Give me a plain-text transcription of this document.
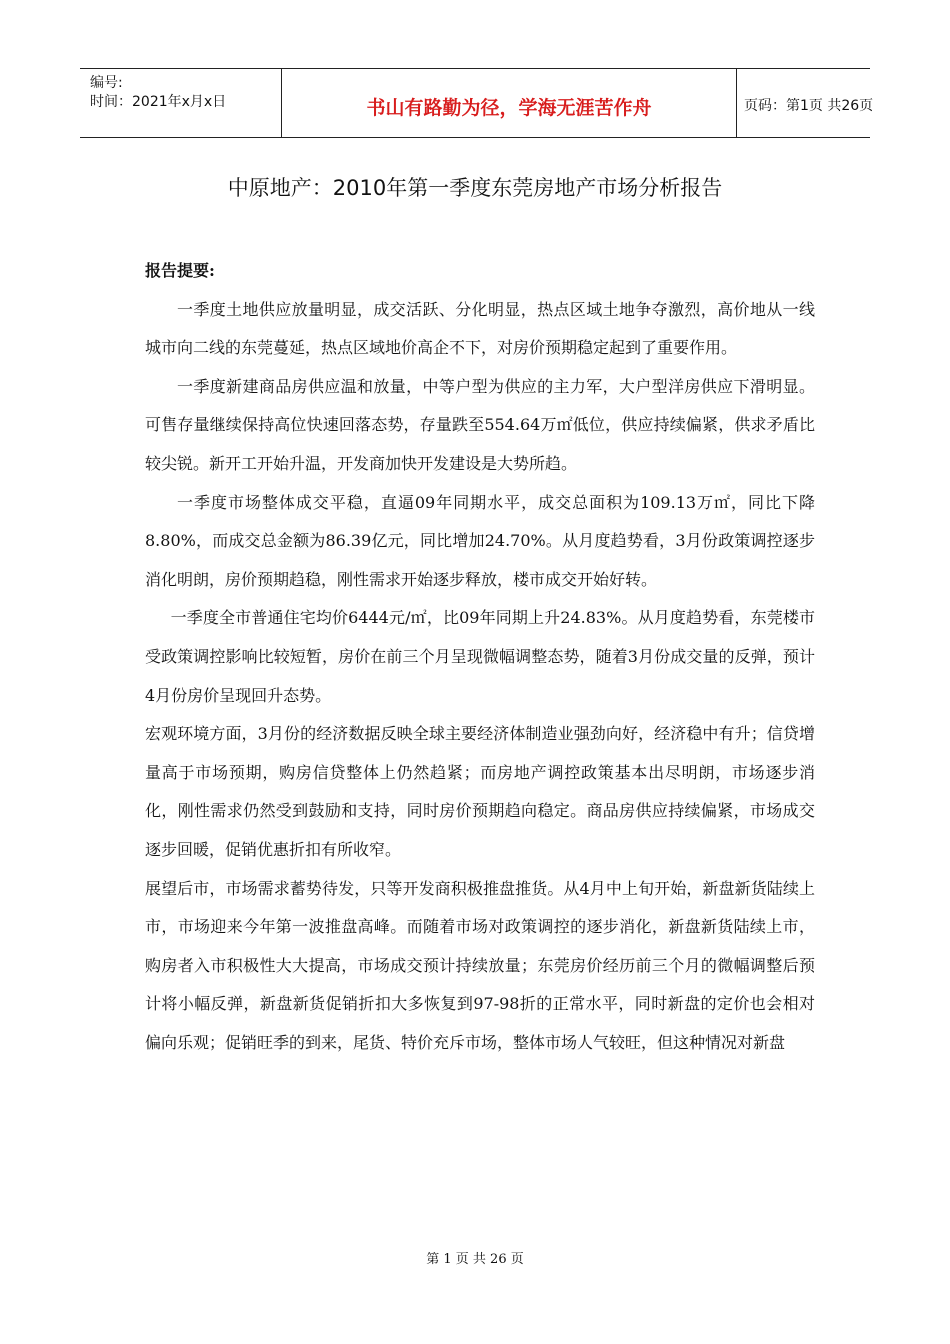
编号:
时间：2021年x月x日	书山有路勤为径，学海无涯苦作舟	页码：第1页 共26页
中原地产：2010年第一季度东莞房地产市场分析报告

报告提要:

一季度土地供应放量明显，成交活跃、分化明显，热点区域土地争夺激烈，高价地从一线城市向二线的东莞蔓延，热点区域地价高企不下，对房价预期稳定起到了重要作用。

一季度新建商品房供应温和放量，中等户型为供应的主力军，大户型洋房供应下滑明显。可售存量继续保持高位快速回落态势，存量跌至554.64万㎡低位，供应持续偏紧，供求矛盾比较尖锐。新开工开始升温，开发商加快开发建设是大势所趋。

一季度市场整体成交平稳，直逼09年同期水平，成交总面积为109.13万㎡，同比下降8.80%，而成交总金额为86.39亿元，同比增加24.70%。从月度趋势看，3月份政策调控逐步消化明朗，房价预期趋稳，刚性需求开始逐步释放，楼市成交开始好转。

一季度全市普通住宅均价6444元/㎡，比09年同期上升24.83%。从月度趋势看，东莞楼市受政策调控影响比较短暂，房价在前三个月呈现微幅调整态势，随着3月份成交量的反弹，预计4月份房价呈现回升态势。

宏观环境方面，3月份的经济数据反映全球主要经济体制造业强劲向好，经济稳中有升；信贷增量高于市场预期，购房信贷整体上仍然趋紧；而房地产调控政策基本出尽明朗，市场逐步消化，刚性需求仍然受到鼓励和支持，同时房价预期趋向稳定。商品房供应持续偏紧，市场成交逐步回暖，促销优惠折扣有所收窄。

展望后市，市场需求蓄势待发，只等开发商积极推盘推货。从4月中上旬开始，新盘新货陆续上市，市场迎来今年第一波推盘高峰。而随着市场对政策调控的逐步消化，新盘新货陆续上市，购房者入市积极性大大提高，市场成交预计持续放量；东莞房价经历前三个月的微幅调整后预计将小幅反弹，新盘新货促销折扣大多恢复到97-98折的正常水平，同时新盘的定价也会相对偏向乐观；促销旺季的到来，尾货、特价充斥市场，整体市场人气较旺，但这种情况对新盘

第 1 页 共 26 页
